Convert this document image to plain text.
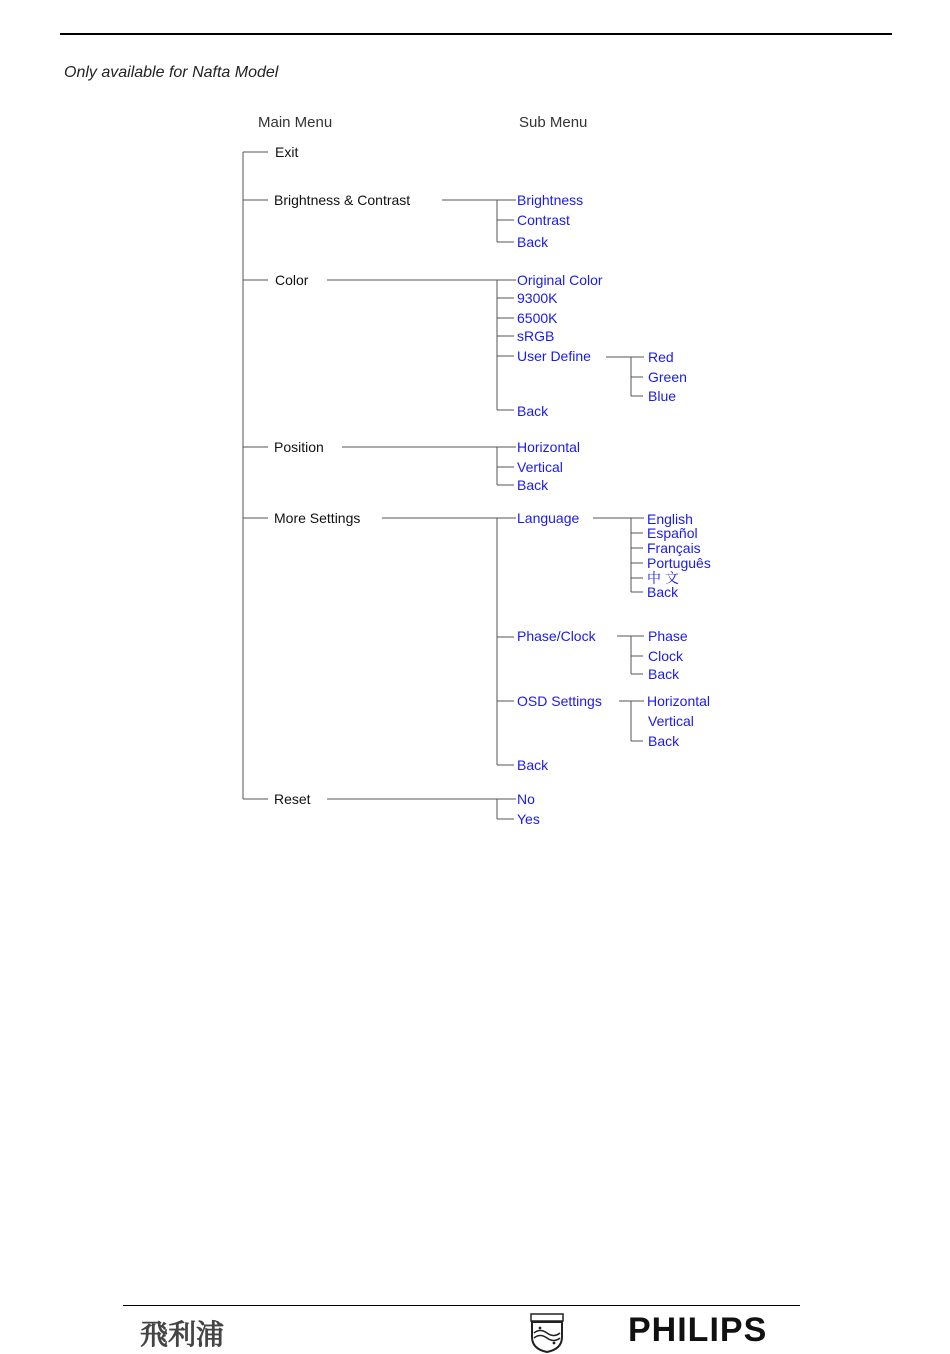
Only available for Nafta Model
Main Menu	Sub Menu
Exit
Brightness & Contrast
Color
Position
More Settings
Reset
Brightness
Contrast
Back
Original Color
9300K
6500K
sRGB
User Define
Back
Red
Green
Blue
Horizontal
Vertical
Back
Language
Phase/Clock
OSD Settings
Back
English
Español
Français
Português
中 文
Back
Phase
Clock
Back
Horizontal
Vertical
Back
No
Yes
飛利浦	PHILIPS
